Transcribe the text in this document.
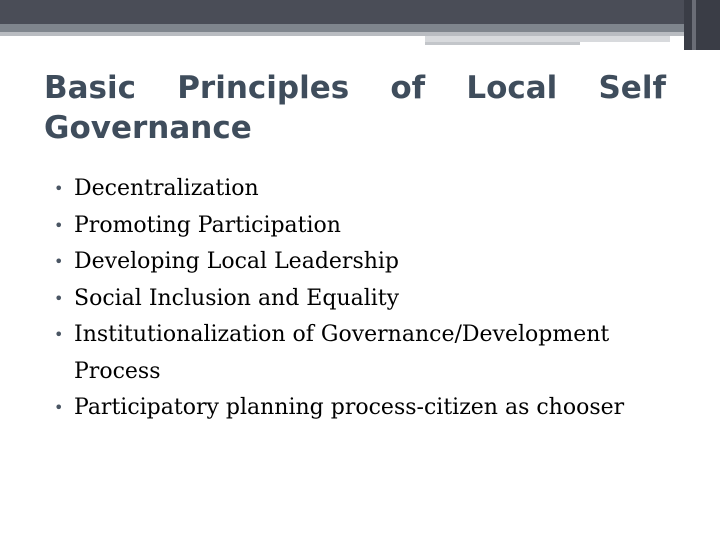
Basic Principles of Local Self
Governance
• Decentralization
• Promoting Participation
• Developing Local Leadership
• Social Inclusion and Equality
• Institutionalization of Governance/Development
Process
• Participatory planning process-citizen as chooser
